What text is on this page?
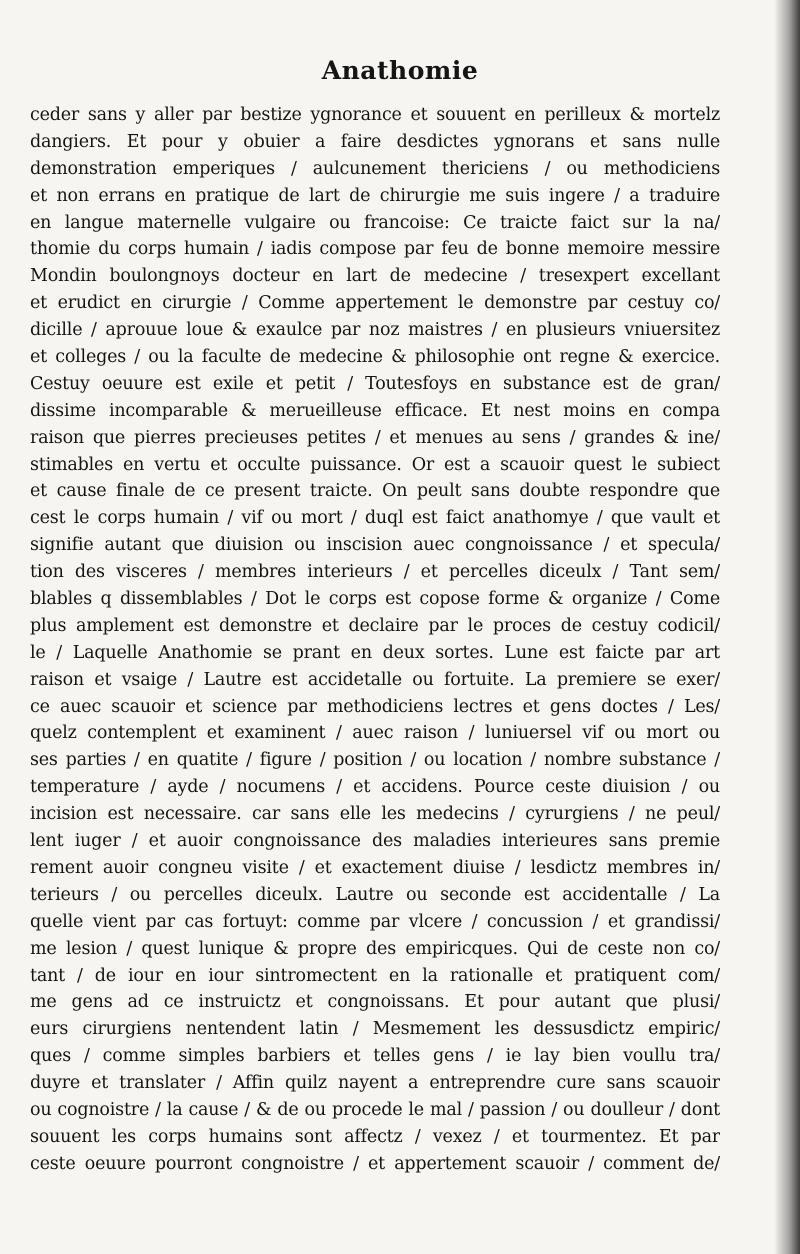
Anathomie
ceder sans y aller par bestize ygnorance et souuent en perilleux & mortelz
dangiers. Et pour y obuier a faire desdictes ygnorans et sans nulle
demonstration emperiques / aulcunement thericiens / ou methodiciens
et non errans en pratique de lart de chirurgie me suis ingere / a traduire
en langue maternelle vulgaire ou francoise: Ce traicte faict sur la na/
thomie du corps humain / iadis compose par feu de bonne memoire messire
Mondin boulongnoys docteur en lart de medecine / tresexpert excellant
et erudict en cirurgie / Comme appertement le demonstre par cestuy co/
dicille / aprouue loue & exaulce par noz maistres / en plusieurs vniuersitez
et colleges / ou la faculte de medecine & philosophie ont regne & exercice.
Cestuy oeuure est exile et petit / Toutesfoys en substance est de gran/
dissime incomparable & merueilleuse efficace. Et nest moins en compa
raison que pierres precieuses petites / et menues au sens / grandes & ine/
stimables en vertu et occulte puissance. Or est a scauoir quest le subiect
et cause finale de ce present traicte. On peult sans doubte respondre que
cest le corps humain / vif ou mort / duql est faict anathomye / que vault et
signifie autant que diuision ou inscision auec congnoissance / et specula/
tion des visceres / membres interieurs / et percelles diceulx / Tant sem/
blables q dissemblables / Dot le corps est copose forme & organize / Come
plus amplement est demonstre et declaire par le proces de cestuy codicil/
le / Laquelle Anathomie se prant en deux sortes. Lune est faicte par art
raison et vsaige / Lautre est accidetalle ou fortuite. La premiere se exer/
ce auec scauoir et science par methodiciens lectres et gens doctes / Les/
quelz contemplent et examinent / auec raison / luniuersel vif ou mort ou
ses parties / en quatite / figure / position / ou location / nombre substance /
temperature / ayde / nocumens / et accidens. Pource ceste diuision / ou
incision est necessaire. car sans elle les medecins / cyrurgiens / ne peul/
lent iuger / et auoir congnoissance des maladies interieures sans premie
rement auoir congneu visite / et exactement diuise / lesdictz membres in/
terieurs / ou percelles diceulx. Lautre ou seconde est accidentalle / La
quelle vient par cas fortuyt: comme par vlcere / concussion / et grandissi/
me lesion / quest lunique & propre des empiricques. Qui de ceste non co/
tant / de iour en iour sintromectent en la rationalle et pratiquent com/
me gens ad ce instruictz et congnoissans. Et pour autant que plusi/
eurs cirurgiens nentendent latin / Mesmement les dessusdictz empiric/
ques / comme simples barbiers et telles gens / ie lay bien voullu tra/
duyre et translater / Affin quilz nayent a entreprendre cure sans scauoir
ou cognoistre / la cause / & de ou procede le mal / passion / ou doulleur / dont
souuent les corps humains sont affectz / vexez / et tourmentez. Et par
ceste oeuure pourront congnoistre / et appertement scauoir / comment de/
